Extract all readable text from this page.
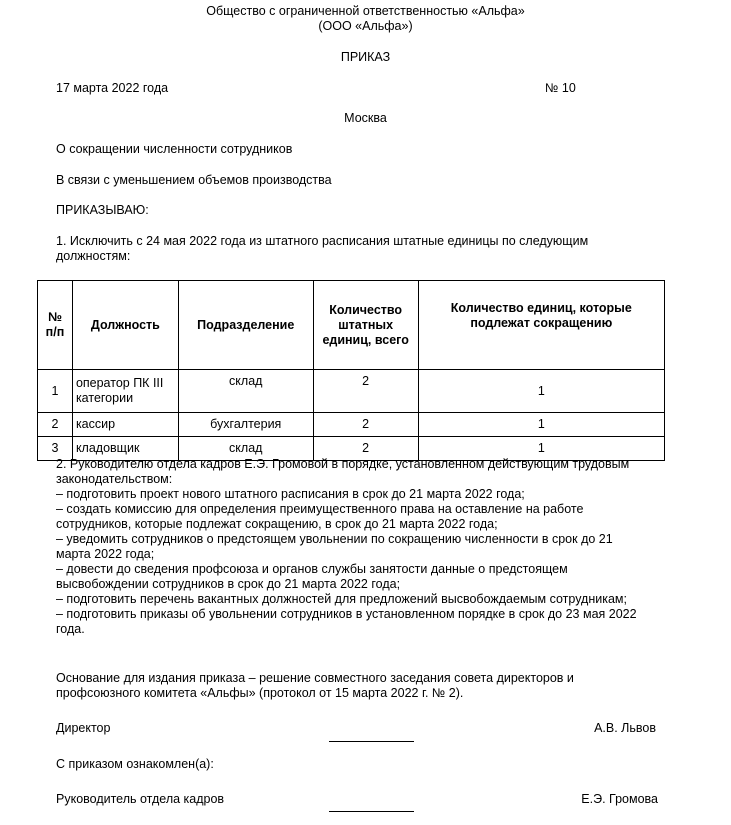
Общество с ограниченной ответственностью «Альфа»
(ООО «Альфа»)
ПРИКАЗ
17 марта 2022 года	№ 10
Москва
О сокращении численности сотрудников
В связи с уменьшением объемов производства
ПРИКАЗЫВАЮ:
1. Исключить с 24 мая 2022 года из штатного расписания штатные единицы по следующим должностям:
№ п/п	Должность	Подразделение	Количество штатных единиц, всего	Количество единиц, которые подлежат сокращению
1	оператор ПК III категории	склад	2	1
2	кассир	бухгалтерия	2	1
3	кладовщик	склад	2	1
2. Руководителю отдела кадров Е.Э. Громовой в порядке, установленном действующим трудовым законодательством:
– подготовить проект нового штатного расписания в срок до 21 марта 2022 года;
– создать комиссию для определения преимущественного права на оставление на работе сотрудников, которые подлежат сокращению, в срок до 21 марта 2022 года;
– уведомить сотрудников о предстоящем увольнении по сокращению численности в срок до 21 марта 2022 года;
– довести до сведения профсоюза и органов службы занятости данные о предстоящем высвобождении сотрудников в срок до 21 марта 2022 года;
– подготовить перечень вакантных должностей для предложений высвобождаемым сотрудникам;
– подготовить приказы об увольнении сотрудников в установленном порядке в срок до 23 мая 2022 года.
Основание для издания приказа – решение совместного заседания совета директоров и профсоюзного комитета «Альфы» (протокол от 15 марта 2022 г. № 2).
Директор	А.В. Львов
С приказом ознакомлен(а):
Руководитель отдела кадров	Е.Э. Громова
